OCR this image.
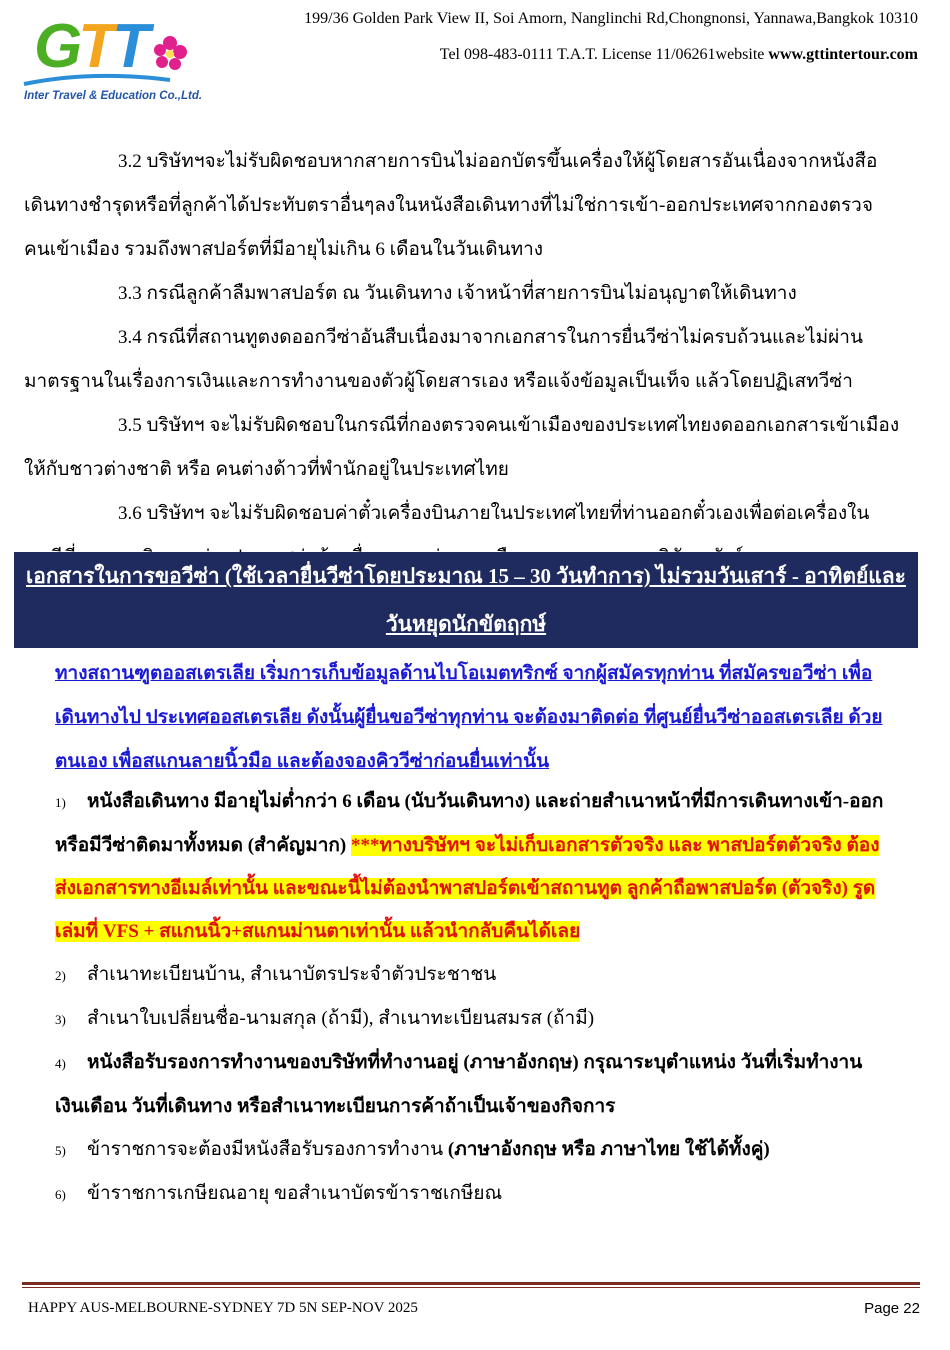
GTT
Inter Travel & Education Co.,Ltd.
199/36 Golden Park View II, Soi Amorn, Nanglinchi Rd,Chongnonsi, Yannawa,Bangkok 10310
Tel 098-483-0111 T.A.T. License 11/06261website www.gttintertour.com
3.2 บริษัทฯจะไม่รับผิดชอบหากสายการบินไม่ออกบัตรขึ้นเครื่องให้ผู้โดยสารอันเนื่องจากหนังสือ
เดินทางชำรุดหรือที่ลูกค้าได้ประทับตราอื่นๆลงในหนังสือเดินทางที่ไม่ใช่การเข้า-ออกประเทศจากกองตรวจ
คนเข้าเมือง รวมถึงพาสปอร์ตที่มีอายุไม่เกิน 6 เดือนในวันเดินทาง
3.3 กรณีลูกค้าลืมพาสปอร์ต ณ วันเดินทาง เจ้าหน้าที่สายการบินไม่อนุญาตให้เดินทาง
3.4 กรณีที่สถานทูตงดออกวีซ่าอันสืบเนื่องมาจากเอกสารในการยื่นวีซ่าไม่ครบถ้วนและไม่ผ่าน
มาตรฐานในเรื่องการเงินและการทำงานของตัวผู้โดยสารเอง หรือแจ้งข้อมูลเป็นเท็จ แล้วโดยปฏิเสทวีซ่า
3.5 บริษัทฯ จะไม่รับผิดชอบในกรณีที่กองตรวจคนเข้าเมืองของประเทศไทยงดออกเอกสารเข้าเมือง
ให้กับชาวต่างชาติ หรือ คนต่างด้าวที่พำนักอยู่ในประเทศไทย
3.6 บริษัทฯ จะไม่รับผิดชอบค่าตั๋วเครื่องบินภายในประเทศไทยที่ท่านออกตั๋วเองเพื่อต่อเครื่องใน
เอกสารในการขอวีซ่า (ใช้เวลายื่นวีซ่าโดยประมาณ 15 – 30 วันทำการ) ไม่รวมวันเสาร์ - อาทิตย์และ
วันหยุดนักขัตฤกษ์
ทางสถานฑูตออสเตรเลีย เริ่มการเก็บข้อมูลด้านไบโอเมตทริกซ์ จากผู้สมัครทุกท่าน ที่สมัครขอวีซ่า เพื่อ
เดินทางไป ประเทศออสเตรเลีย ดังนั้นผู้ยื่นขอวีซ่าทุกท่าน จะต้องมาติดต่อ ที่ศูนย์ยื่นวีซ่าออสเตรเลีย ด้วย
ตนเอง เพื่อสแกนลายนิ้วมือ และต้องจองคิววีซ่าก่อนยื่นเท่านั้น
1) หนังสือเดินทาง มีอายุไม่ต่ำกว่า 6 เดือน (นับวันเดินทาง) และถ่ายสำเนาหน้าที่มีการเดินทางเข้า-ออก
หรือมีวีซ่าติดมาทั้งหมด (สำคัญมาก) ***ทางบริษัทฯ จะไม่เก็บเอกสารตัวจริง และ พาสปอร์ตตัวจริง ต้อง
ส่งเอกสารทางอีเมล์เท่านั้น และขณะนี้ไม่ต้องนำพาสปอร์ตเข้าสถานทูต ลูกค้าถือพาสปอร์ต (ตัวจริง) รูด
เล่มที่ VFS + สแกนนิ้ว+สแกนม่านตาเท่านั้น แล้วนำกลับคืนได้เลย
2) สำเนาทะเบียนบ้าน, สำเนาบัตรประจำตัวประชาชน
3) สำเนาใบเปลี่ยนชื่อ-นามสกุล (ถ้ามี), สำเนาทะเบียนสมรส (ถ้ามี)
4) หนังสือรับรองการทำงานของบริษัทที่ทำงานอยู่ (ภาษาอังกฤษ) กรุณาระบุตำแหน่ง วันที่เริ่มทำงาน
เงินเดือน วันที่เดินทาง หรือสำเนาทะเบียนการค้าถ้าเป็นเจ้าของกิจการ
5) ข้าราชการจะต้องมีหนังสือรับรองการทำงาน (ภาษาอังกฤษ หรือ ภาษาไทย ใช้ได้ทั้งคู่)
6) ข้าราชการเกษียณอายุ ขอสำเนาบัตรข้าราชเกษียณ
HAPPY AUS-MELBOURNE-SYDNEY 7D 5N SEP-NOV 2025	Page 22
